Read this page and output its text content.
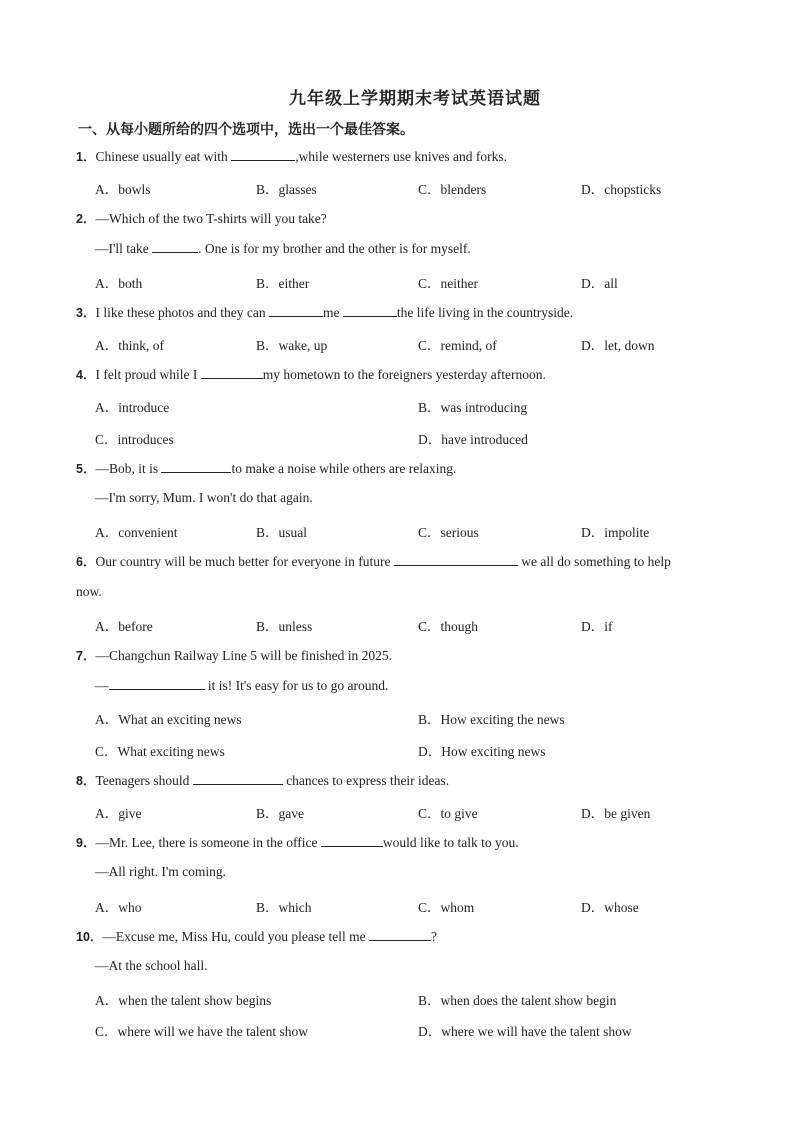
九年级上学期期末考试英语试题
一、从每小题所给的四个选项中，选出一个最佳答案。
1．Chinese usually eat with	,while westerners use knives and forks.
A．bowls	B．glasses	C．blenders	D．chopsticks
2．—Which of the two T-shirts will you take?
—I'll take	. One is for my brother and the other is for myself.
A．both	B．either	C．neither	D．all
3．I like these photos and they can	me	the life living in the countryside.
A．think, of	B．wake, up	C．remind, of	D．let, down
4．I felt proud while I	my hometown to the foreigners yesterday afternoon.
A．introduce	B．was introducing
C．introduces	D．have introduced
5．—Bob, it is	to make a noise while others are relaxing.
—I'm sorry, Mum. I won't do that again.
A．convenient	B．usual	C．serious	D．impolite
6．Our country will be much better for everyone in future	we all do something to help
now.
A．before	B．unless	C．though	D．if
7．—Changchun Railway Line 5 will be finished in 2025.
—	it is! It's easy for us to go around.
A．What an exciting news	B．How exciting the news
C．What exciting news	D．How exciting news
8．Teenagers should	chances to express their ideas.
A．give	B．gave	C．to give	D．be given
9．—Mr. Lee, there is someone in the office	would like to talk to you.
—All right. I'm coming.
A．who	B．which	C．whom	D．whose
10．—Excuse me, Miss Hu, could you please tell me	?
—At the school hall.
A．when the talent show begins	B．when does the talent show begin
C．where will we have the talent show	D．where we will have the talent show
